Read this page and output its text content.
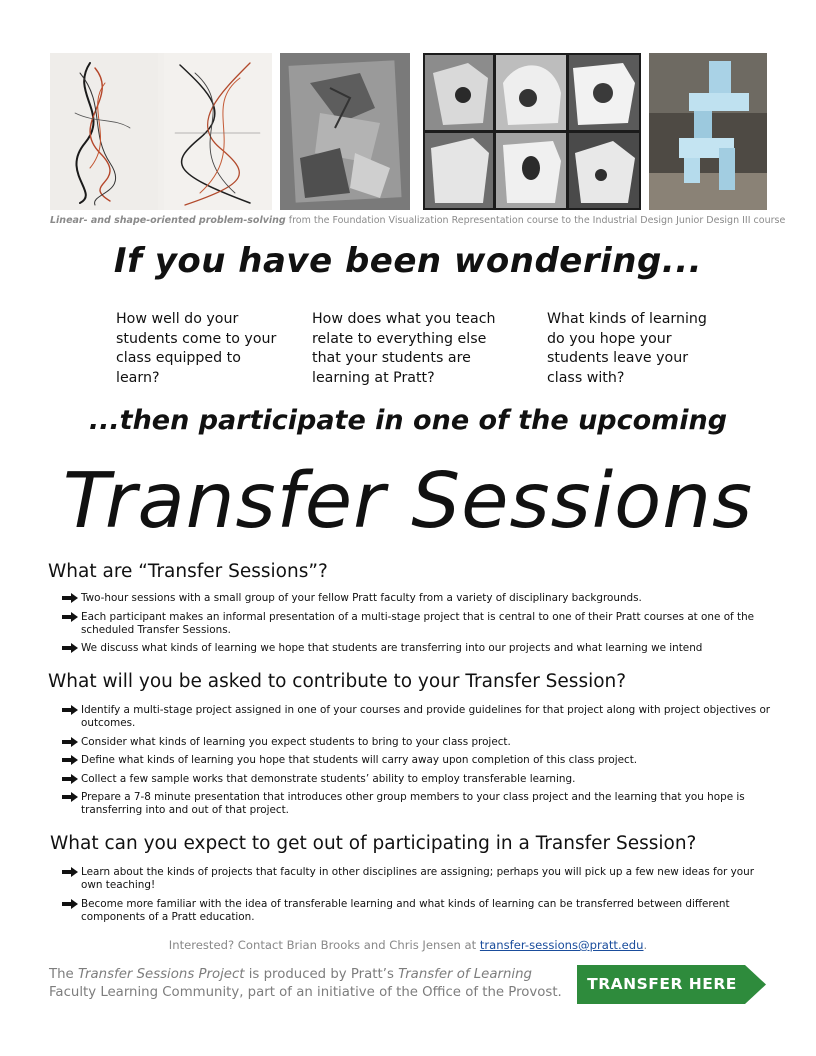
Linear- and shape-oriented problem-solving from the Foundation Visualization Representation course to the Industrial Design Junior Design III course
If you have been wondering...
How well do your students come to your class equipped to learn?
How does what you teach relate to everything else that your students are learning at Pratt?
What kinds of learning do you hope your students leave your class with?
...then participate in one of the upcoming
Transfer Sessions
What are “Transfer Sessions”?
Two-hour sessions with a small group of your fellow Pratt faculty from a variety of disciplinary backgrounds.
Each participant makes an informal presentation of a multi-stage project that is central to one of their Pratt courses at one of the scheduled Transfer Sessions.
We discuss what kinds of learning we hope that students are transferring into our projects and what learning we intend
What will you be asked to contribute to your Transfer Session?
Identify a multi-stage project assigned in one of your courses and provide guidelines for that project along with project objectives or outcomes.
Consider what kinds of learning you expect students to bring to your class project.
Define what kinds of learning you hope that students will carry away upon completion of this class project.
Collect a few sample works that demonstrate students’ ability to employ transferable learning.
Prepare a 7-8 minute presentation that introduces other group members to your class project and the learning that you hope is transferring into and out of that project.
What can you expect to get out of participating in a Transfer Session?
Learn about the kinds of projects that faculty in other disciplines are assigning; perhaps you will pick up a few new ideas for your own teaching!
Become more familiar with the idea of transferable learning and what kinds of learning can be transferred between different components of a Pratt education.
Interested? Contact Brian Brooks and Chris Jensen at transfer-sessions@pratt.edu.
The Transfer Sessions Project is produced by Pratt’s Transfer of Learning
Faculty Learning Community, part of an initiative of the Office of the Provost.	TRANSFER HERE
